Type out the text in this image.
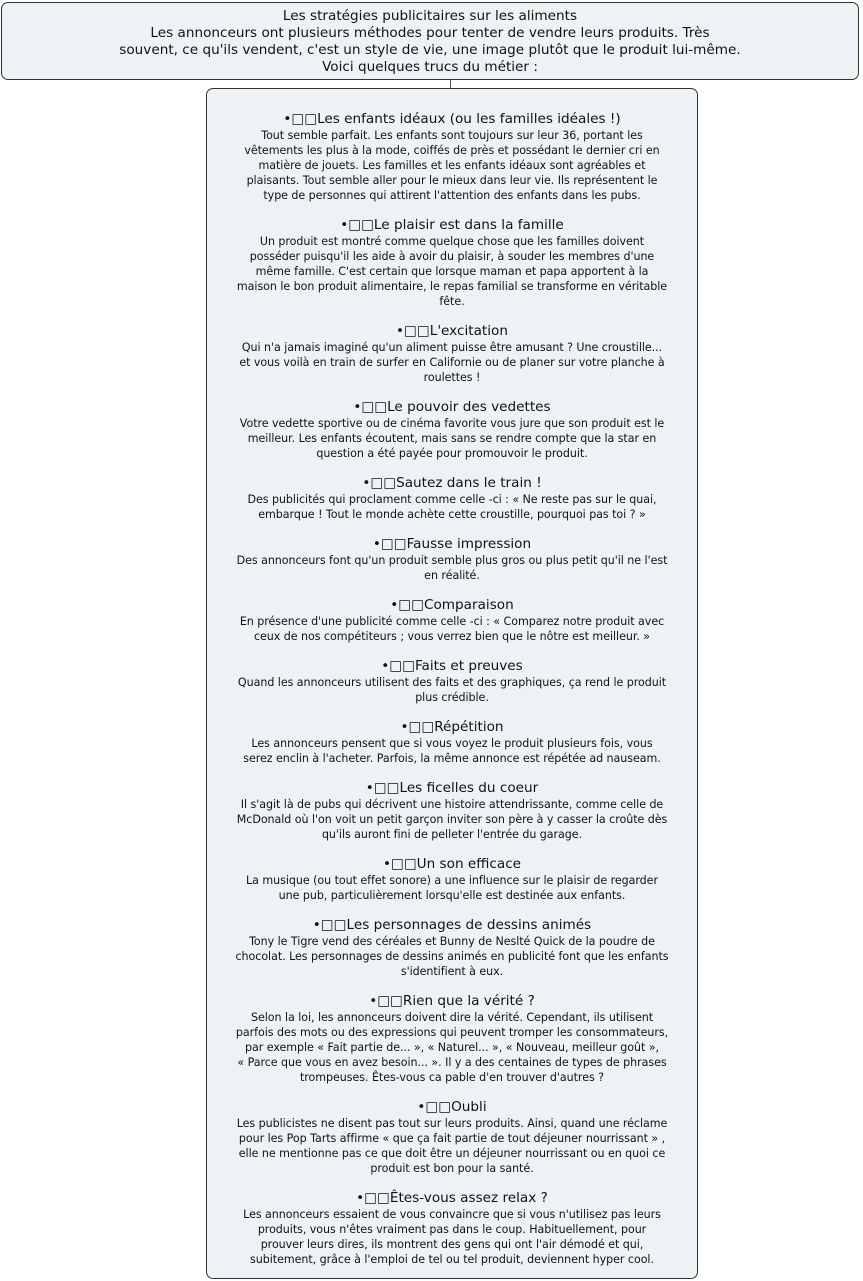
Les stratégies publicitaires sur les aliments
Les annonceurs ont plusieurs méthodes pour tenter de vendre leurs produits. Très
souvent, ce qu'ils vendent, c'est un style de vie, une image plutôt que le produit lui-même.
Voici quelques trucs du métier :
•□□Les enfants idéaux (ou les familles idéales !)
Tout semble parfait. Les enfants sont toujours sur leur 36, portant les
vêtements les plus à la mode, coiffés de près et possédant le dernier cri en
matière de jouets. Les familles et les enfants idéaux sont agréables et
plaisants. Tout semble aller pour le mieux dans leur vie. Ils représentent le
type de personnes qui attirent l'attention des enfants dans les pubs.
•□□Le plaisir est dans la famille
Un produit est montré comme quelque chose que les familles doivent
posséder puisqu'il les aide à avoir du plaisir, à souder les membres d'une
même famille. C'est certain que lorsque maman et papa apportent à la
maison le bon produit alimentaire, le repas familial se transforme en véritable
fête.
•□□L'excitation
Qui n'a jamais imaginé qu'un aliment puisse être amusant ? Une croustille...
et vous voilà en train de surfer en Californie ou de planer sur votre planche à
roulettes !
•□□Le pouvoir des vedettes
Votre vedette sportive ou de cinéma favorite vous jure que son produit est le
meilleur. Les enfants écoutent, mais sans se rendre compte que la star en
question a été payée pour promouvoir le produit.
•□□Sautez dans le train !
Des publicités qui proclament comme celle -ci : « Ne reste pas sur le quai,
embarque ! Tout le monde achète cette croustille, pourquoi pas toi ? »
•□□Fausse impression
Des annonceurs font qu'un produit semble plus gros ou plus petit qu'il ne l'est
en réalité.
•□□Comparaison
En présence d'une publicité comme celle -ci : « Comparez notre produit avec
ceux de nos compétiteurs ; vous verrez bien que le nôtre est meilleur. »
•□□Faits et preuves
Quand les annonceurs utilisent des faits et des graphiques, ça rend le produit
plus crédible.
•□□Répétition
Les annonceurs pensent que si vous voyez le produit plusieurs fois, vous
serez enclin à l'acheter. Parfois, la même annonce est répétée ad nauseam.
•□□Les ficelles du coeur
Il s'agit là de pubs qui décrivent une histoire attendrissante, comme celle de
McDonald où l'on voit un petit garçon inviter son père à y casser la croûte dès
qu'ils auront fini de pelleter l'entrée du garage.
•□□Un son efficace
La musique (ou tout effet sonore) a une influence sur le plaisir de regarder
une pub, particulièrement lorsqu'elle est destinée aux enfants.
•□□Les personnages de dessins animés
Tony le Tigre vend des céréales et Bunny de Neslté Quick de la poudre de
chocolat. Les personnages de dessins animés en publicité font que les enfants
s'identifient à eux.
•□□Rien que la vérité ?
Selon la loi, les annonceurs doivent dire la vérité. Cependant, ils utilisent
parfois des mots ou des expressions qui peuvent tromper les consommateurs,
par exemple « Fait partie de... », « Naturel... », « Nouveau, meilleur goût »,
« Parce que vous en avez besoin... ». Il y a des centaines de types de phrases
trompeuses. Êtes-vous ca pable d'en trouver d'autres ?
•□□Oubli
Les publicistes ne disent pas tout sur leurs produits. Ainsi, quand une réclame
pour les Pop Tarts affirme « que ça fait partie de tout déjeuner nourrissant » ,
elle ne mentionne pas ce que doit être un déjeuner nourrissant ou en quoi ce
produit est bon pour la santé.
•□□Êtes-vous assez relax ?
Les annonceurs essaient de vous convaincre que si vous n'utilisez pas leurs
produits, vous n'êtes vraiment pas dans le coup. Habituellement, pour
prouver leurs dires, ils montrent des gens qui ont l'air démodé et qui,
subitement, grâce à l'emploi de tel ou tel produit, deviennent hyper cool.
